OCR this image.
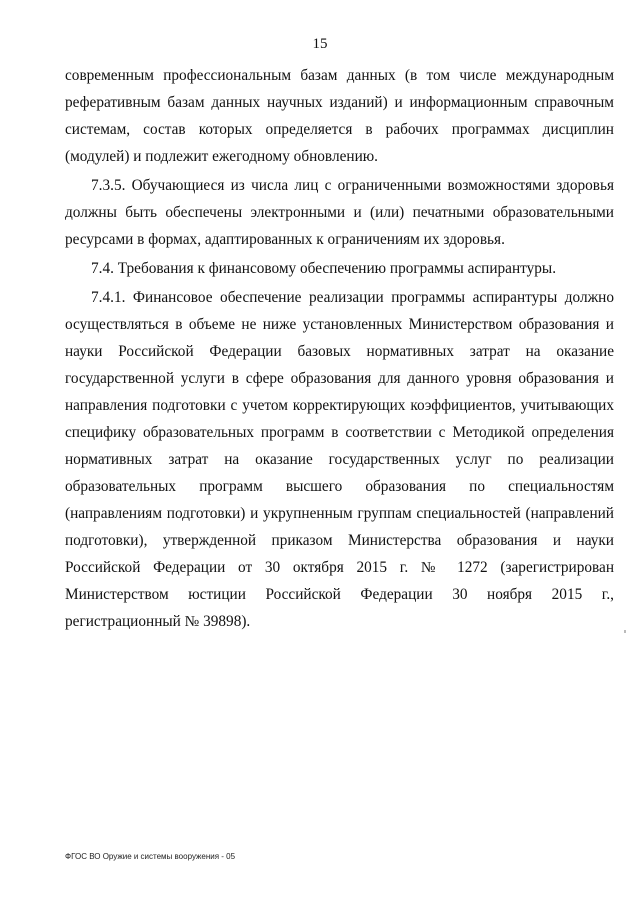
15

современным профессиональным базам данных (в том числе международным реферативным базам данных научных изданий) и информационным справочным системам, состав которых определяется в рабочих программах дисциплин (модулей) и подлежит ежегодному обновлению.

7.3.5. Обучающиеся из числа лиц с ограниченными возможностями здоровья должны быть обеспечены электронными и (или) печатными образовательными ресурсами в формах, адаптированных к ограничениям их здоровья.

7.4. Требования к финансовому обеспечению программы аспирантуры.

7.4.1. Финансовое обеспечение реализации программы аспирантуры должно осуществляться в объеме не ниже установленных Министерством образования и науки Российской Федерации базовых нормативных затрат на оказание государственной услуги в сфере образования для данного уровня образования и направления подготовки с учетом корректирующих коэффициентов, учитывающих специфику образовательных программ в соответствии с Методикой определения нормативных затрат на оказание государственных услуг по реализации образовательных программ высшего образования по специальностям (направлениям подготовки) и укрупненным группам специальностей (направлений подготовки), утвержденной приказом Министерства образования и науки Российской Федерации от 30 октября 2015 г. № 1272 (зарегистрирован Министерством юстиции Российской Федерации 30 ноября 2015 г., регистрационный № 39898).

ФГОС ВО Оружие и системы вооружения - 05
